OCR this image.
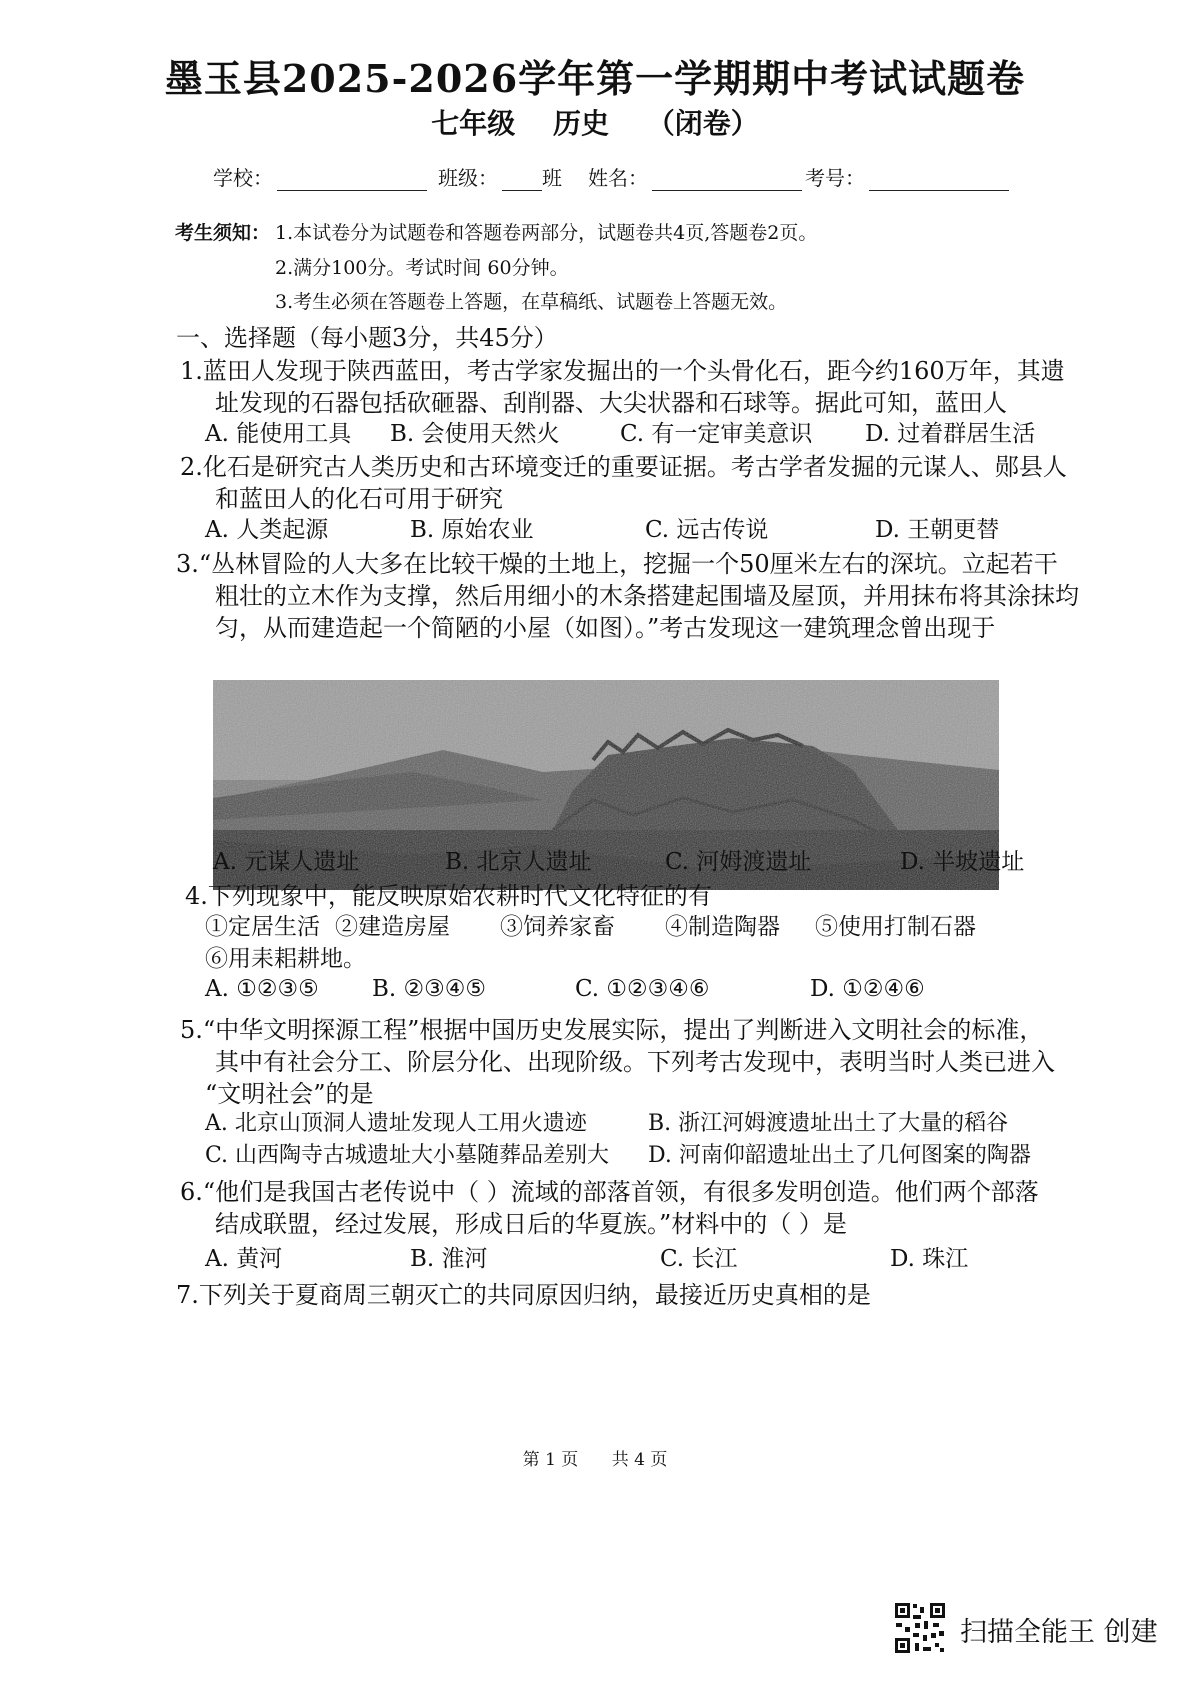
墨玉县2025-2026学年第一学期期中考试试题卷
七年级 历史 （闭卷）
学校：	班级： 班 姓名：	考号：
考生须知： 1.本试卷分为试题卷和答题卷两部分，试题卷共4页,答题卷2页。
2.满分100分。考试时间 60分钟。
3.考生必须在答题卷上答题，在草稿纸、试题卷上答题无效。
一、选择题（每小题3分，共45分）
1.蓝田人发现于陕西蓝田，考古学家发掘出的一个头骨化石，距今约160万年，其遗
址发现的石器包括砍砸器、刮削器、大尖状器和石球等。据此可知，蓝田人
A. 能使用工具 B. 会使用天然火	C. 有一定审美意识 D. 过着群居生活
2.化石是研究古人类历史和古环境变迁的重要证据。考古学者发掘的元谋人、郧县人
和蓝田人的化石可用于研究
A. 人类起源	B. 原始农业	C. 远古传说	D. 王朝更替
3.“丛林冒险的人大多在比较干燥的土地上，挖掘一个50厘米左右的深坑。立起若干
粗壮的立木作为支撑，然后用细小的木条搭建起围墙及屋顶，并用抹布将其涂抹均
匀，从而建造起一个简陋的小屋（如图）。”考古发现这一建筑理念曾出现于
A. 元谋人遗址	B. 北京人遗址	C. 河姆渡遗址	D. 半坡遗址
4.下列现象中，能反映原始农耕时代文化特征的有
①定居生活 ②建造房屋 ③饲养家畜 ④制造陶器 ⑤使用打制石器
⑥用耒耜耕地。
A. ①②③⑤ B. ②③④⑤	C. ①②③④⑥	D. ①②④⑥
5.“中华文明探源工程”根据中国历史发展实际，提出了判断进入文明社会的标准，
其中有社会分工、阶层分化、出现阶级。下列考古发现中，表明当时人类已进入
“文明社会”的是
A. 北京山顶洞人遗址发现人工用火遗迹	B. 浙江河姆渡遗址出土了大量的稻谷
C. 山西陶寺古城遗址大小墓随葬品差别大 D. 河南仰韶遗址出土了几何图案的陶器
6.“他们是我国古老传说中（ ）流域的部落首领，有很多发明创造。他们两个部落
结成联盟，经过发展，形成日后的华夏族。”材料中的（ ）是
A. 黄河	B. 淮河	C. 长江	D. 珠江
7.下列关于夏商周三朝灭亡的共同原因归纳，最接近历史真相的是
第 1 页 共 4 页
扫描全能王 创建
